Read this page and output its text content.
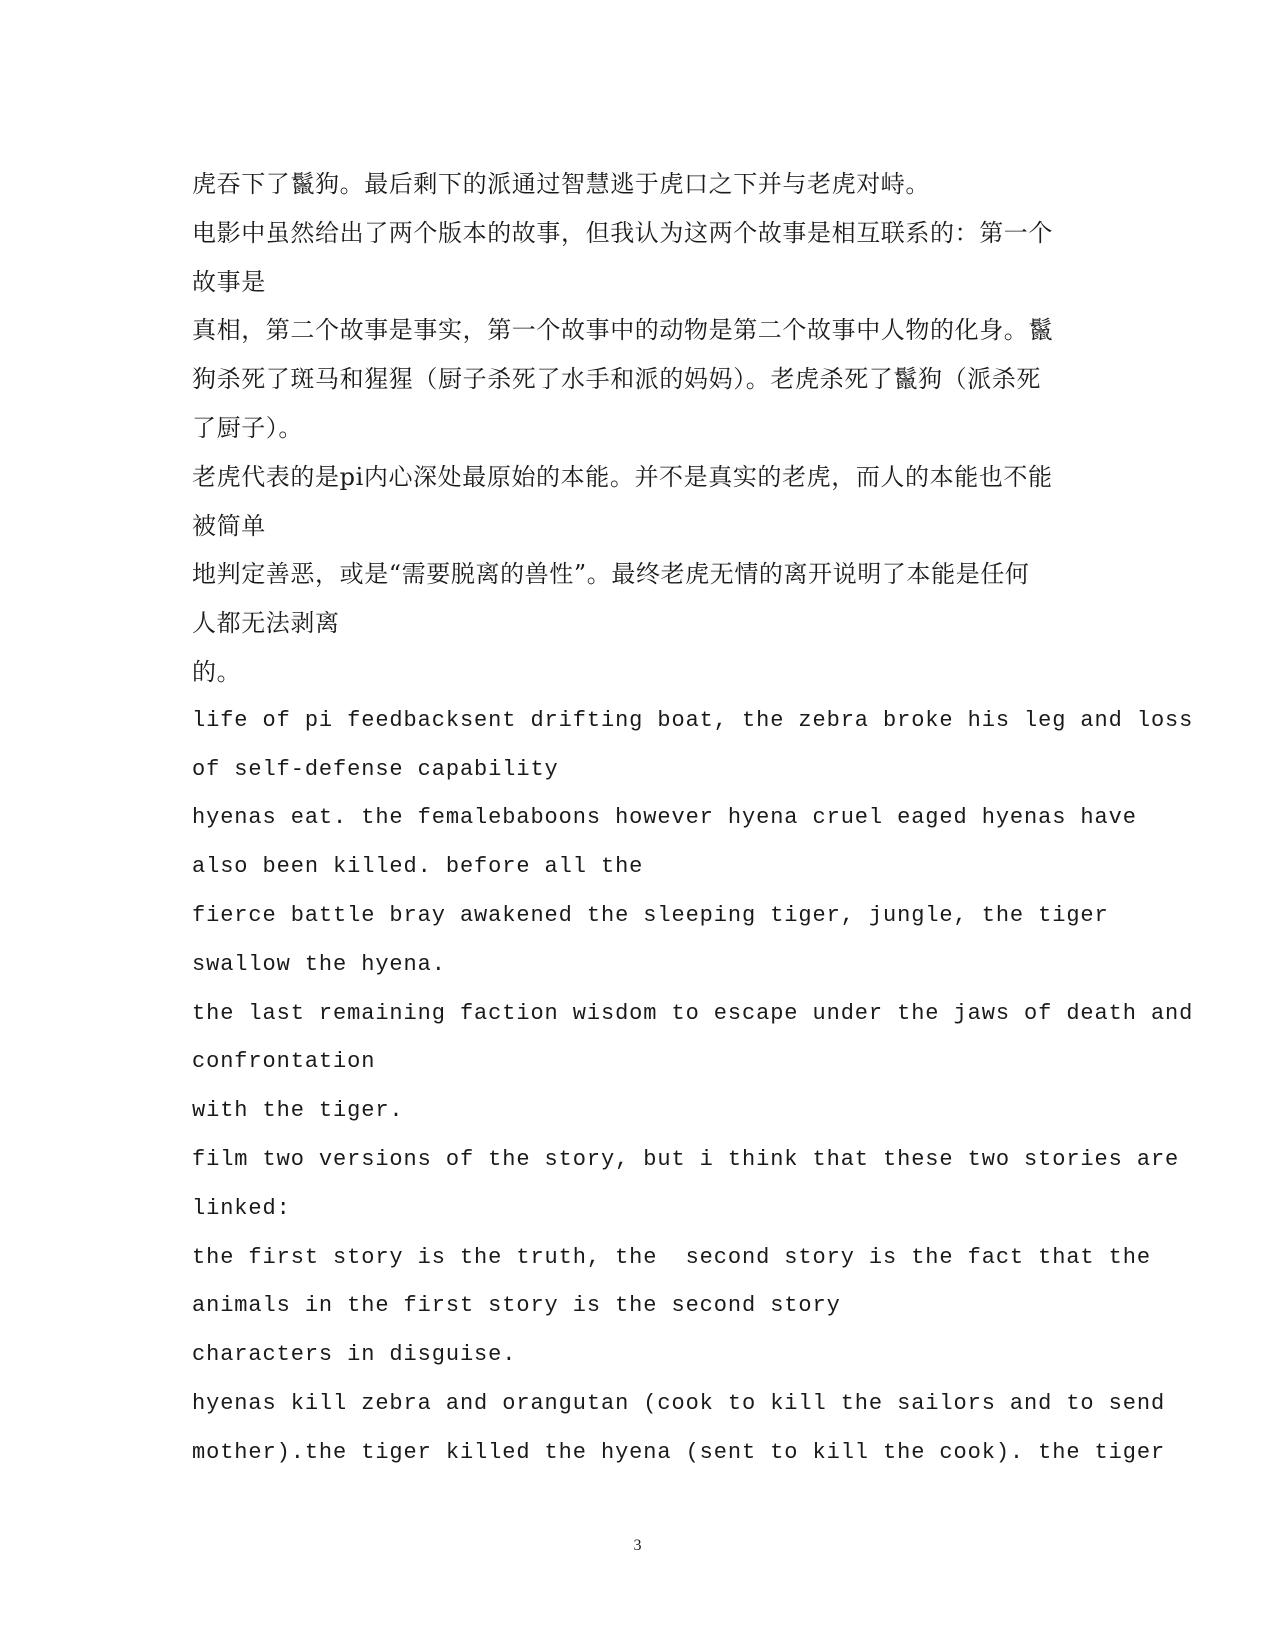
虎吞下了鬣狗。最后剩下的派通过智慧逃于虎口之下并与老虎对峙。
电影中虽然给出了两个版本的故事，但我认为这两个故事是相互联系的：第一个
故事是
真相，第二个故事是事实，第一个故事中的动物是第二个故事中人物的化身。鬣
狗杀死了斑马和猩猩（厨子杀死了水手和派的妈妈）。老虎杀死了鬣狗（派杀死
了厨子）。
老虎代表的是pi内心深处最原始的本能。并不是真实的老虎，而人的本能也不能
被简单
地判定善恶，或是“需要脱离的兽性”。最终老虎无情的离开说明了本能是任何
人都无法剥离
的。
life of pi feedbacksent drifting boat, the zebra broke his leg and loss
of self-defense capability
hyenas eat. the femalebaboons however hyena cruel eaged hyenas have
also been killed. before all the
fierce battle bray awakened the sleeping tiger, jungle, the tiger
swallow the hyena.
the last remaining faction wisdom to escape under the jaws of death and
confrontation
with the tiger.
film two versions of the story, but i think that these two stories are
linked:
the first story is the truth, the  second story is the fact that the
animals in the first story is the second story
characters in disguise.
hyenas kill zebra and orangutan (cook to kill the sailors and to send
mother).the tiger killed the hyena (sent to kill the cook). the tiger
3
